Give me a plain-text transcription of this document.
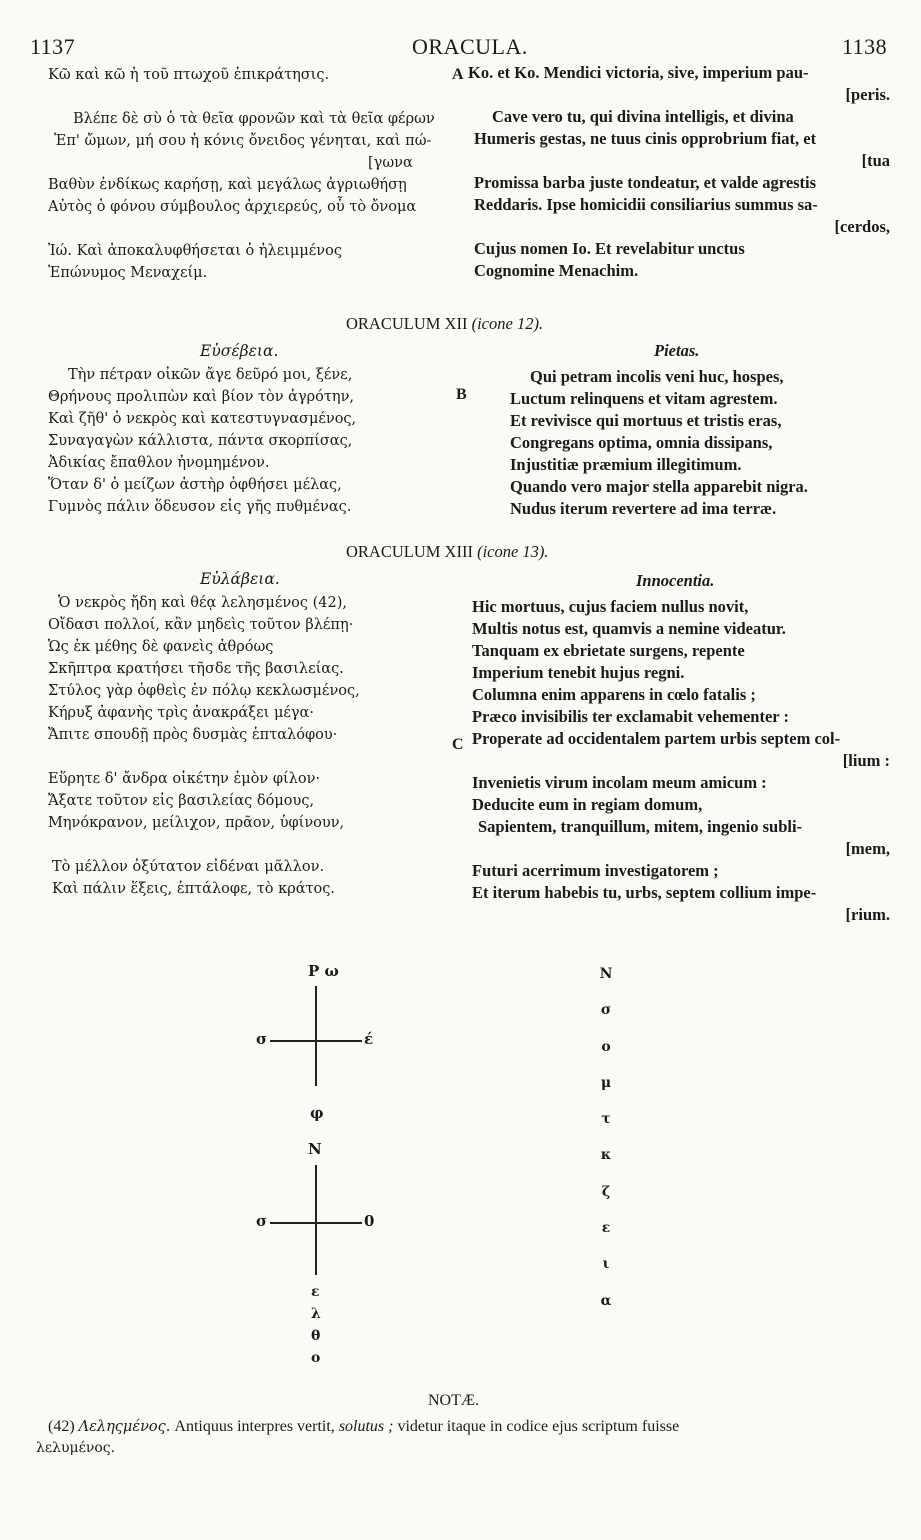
1137	ORACULA.	1138
Κῶ καὶ κῶ ἡ τοῦ πτωχοῦ ἐπικράτησις.
Βλέπε δὲ σὺ ὁ τὰ θεῖα φρονῶν καὶ τὰ θεῖα φέρων
Ἐπ' ὤμων, μή σου ἡ κόνις ὄνειδος γένηται, καὶ πώ-
[γωνα
Βαθὺν ἐνδίκως καρήσῃ, καὶ μεγάλως ἀγριωθήσῃ
Αὐτὸς ὁ φόνου σύμβουλος ἀρχιερεύς, οὗ τὸ ὄνομα
Ἰώ. Καὶ ἀποκαλυφθήσεται ὁ ἠλειμμένος
Ἐπώνυμος Μεναχείμ.
A Ko. et Ko. Mendici victoria, sive, imperium pau-
[peris.
Cave vero tu, qui divina intelligis, et divina
Humeris gestas, ne tuus cinis opprobrium fiat, et
[tua
Promissa barba juste tondeatur, et valde agrestis
Reddaris. Ipse homicidii consiliarius summus sa-
[cerdos,
Cujus nomen Io. Et revelabitur unctus
Cognomine Menachim.
ORACULUM XII (icone 12).
Εὐσέβεια.	Pietas.
Τὴν πέτραν οἰκῶν ἄγε δεῦρό μοι, ξένε,
Θρήνους προλιπὼν καὶ βίον τὸν ἀγρότην,
Καὶ ζῆθ' ὁ νεκρὸς καὶ κατεστυγνασμένος,
Συναγαγὼν κάλλιστα, πάντα σκορπίσας,
Ἀδικίας ἔπαθλον ἠνομημένον.
Ὅταν δ' ὁ μείζων ἀστὴρ ὀφθήσει μέλας,
Γυμνὸς πάλιν ὅδευσον εἰς γῆς πυθμένας.
B
Qui petram incolis veni huc, hospes,
Luctum relinquens et vitam agrestem.
Et revivisce qui mortuus et tristis eras,
Congregans optima, omnia dissipans,
Injustitiæ præmium illegitimum.
Quando vero major stella apparebit nigra.
Nudus iterum revertere ad ima terræ.
ORACULUM XIII (icone 13).
Εὐλάβεια.	Innocentia.
Ὁ νεκρὸς ἤδη καὶ θέᾳ λελησμένος (42),
Οἴδασι πολλοί, κἂν μηδεὶς τοῦτον βλέπῃ·
Ὡς ἐκ μέθης δὲ φανεὶς ἀθρόως
Σκῆπτρα κρατήσει τῆσδε τῆς βασιλείας.
Στύλος γὰρ ὀφθεὶς ἐν πόλῳ κεκλωσμένος,
Κήρυξ ἀφανὴς τρὶς ἀνακράξει μέγα·
Ἄπιτε σπουδῇ πρὸς δυσμὰς ἑπταλόφου·
Εὕρητε δ' ἄνδρα οἰκέτην ἐμὸν φίλον·
Ἄξατε τοῦτον εἰς βασιλείας δόμους,
Μηνόκρανον, μείλιχον, πρᾶον, ὑφίνουν,
Τὸ μέλλον ὀξύτατον εἰδέναι μᾶλλον.
Καὶ πάλιν ἕξεις, ἑπτάλοφε, τὸ κράτος.
C
Hic mortuus, cujus faciem nullus novit,
Multis notus est, quamvis a nemine videatur.
Tanquam ex ebrietate surgens, repente
Imperium tenebit hujus regni.
Columna enim apparens in cœlo fatalis ;
Præco invisibilis ter exclamabit vehementer :
Properate ad occidentalem partem urbis septem col-
[lium :
Invenietis virum incolam meum amicum :
Deducite eum in regiam domum,
Sapientem, tranquillum, mitem, ingenio subli-
[mem,
Futuri acerrimum investigatorem ;
Et iterum habebis tu, urbs, septem collium impe-
[rium.
Ρ ω
σ	έ
φ
Ν
σ	0
ε
λ
θ
ο
Ν
σ
ο
μ
τ
κ
ζ
ε
ι
α
NOTÆ.
(42) Λεληςμένος. Antiquus interpres vertit, solutus ; videtur itaque in codice ejus scriptum fuisse
λελυμένος.
